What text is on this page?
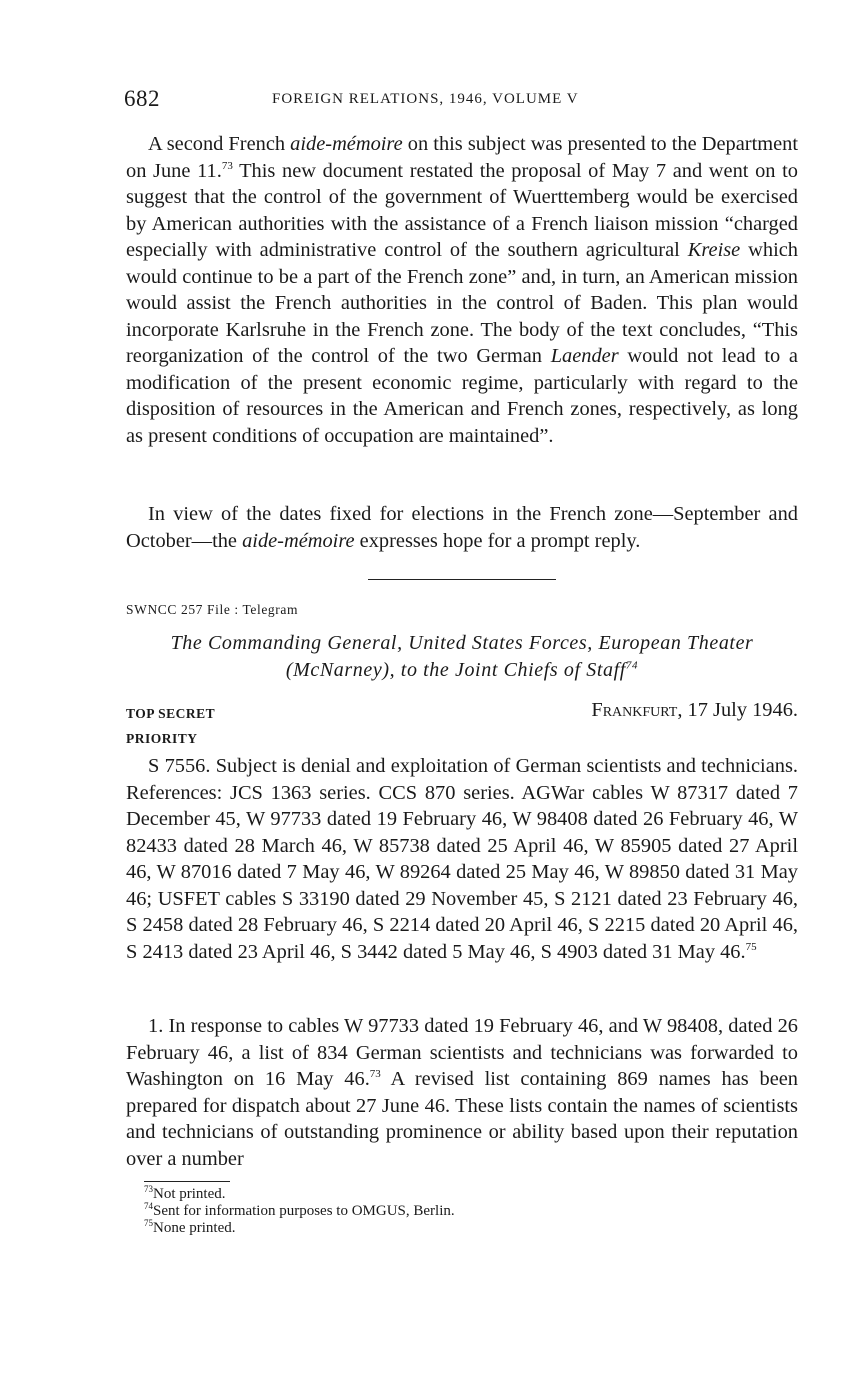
682	FOREIGN RELATIONS, 1946, VOLUME V

A second French aide-mémoire on this subject was presented to the Department on June 11.73 This new document restated the proposal of May 7 and went on to suggest that the control of the government of Wuerttemberg would be exercised by American authorities with the assistance of a French liaison mission “charged especially with administrative control of the southern agricultural Kreise which would continue to be a part of the French zone” and, in turn, an American mission would assist the French authorities in the control of Baden. This plan would incorporate Karlsruhe in the French zone. The body of the text concludes, “This reorganization of the control of the two German Laender would not lead to a modification of the present economic regime, particularly with regard to the disposition of resources in the American and French zones, respectively, as long as present conditions of occupation are maintained”.

In view of the dates fixed for elections in the French zone—September and October—the aide-mémoire expresses hope for a prompt reply.

SWNCC 257 File : Telegram
The Commanding General, United States Forces, European Theater (McNarney), to the Joint Chiefs of Staff$^{74}$
TOP SECRET
PRIORITY
Frankfurt, 17 July 1946.

S 7556. Subject is denial and exploitation of German scientists and technicians. References: JCS 1363 series. CCS 870 series. AGWar cables W 87317 dated 7 December 45, W 97733 dated 19 February 46, W 98408 dated 26 February 46, W 82433 dated 28 March 46, W 85738 dated 25 April 46, W 85905 dated 27 April 46, W 87016 dated 7 May 46, W 89264 dated 25 May 46, W 89850 dated 31 May 46; USFET cables S 33190 dated 29 November 45, S 2121 dated 23 February 46, S 2458 dated 28 February 46, S 2214 dated 20 April 46, S 2215 dated 20 April 46, S 2413 dated 23 April 46, S 3442 dated 5 May 46, S 4903 dated 31 May 46.75

1. In response to cables W 97733 dated 19 February 46, and W 98408, dated 26 February 46, a list of 834 German scientists and technicians was forwarded to Washington on 16 May 46.73 A revised list containing 869 names has been prepared for dispatch about 27 June 46. These lists contain the names of scientists and technicians of outstanding prominence or ability based upon their reputation over a number

$^{73}$Not printed.
$^{74}$Sent for information purposes to OMGUS, Berlin.
$^{75}$None printed.
